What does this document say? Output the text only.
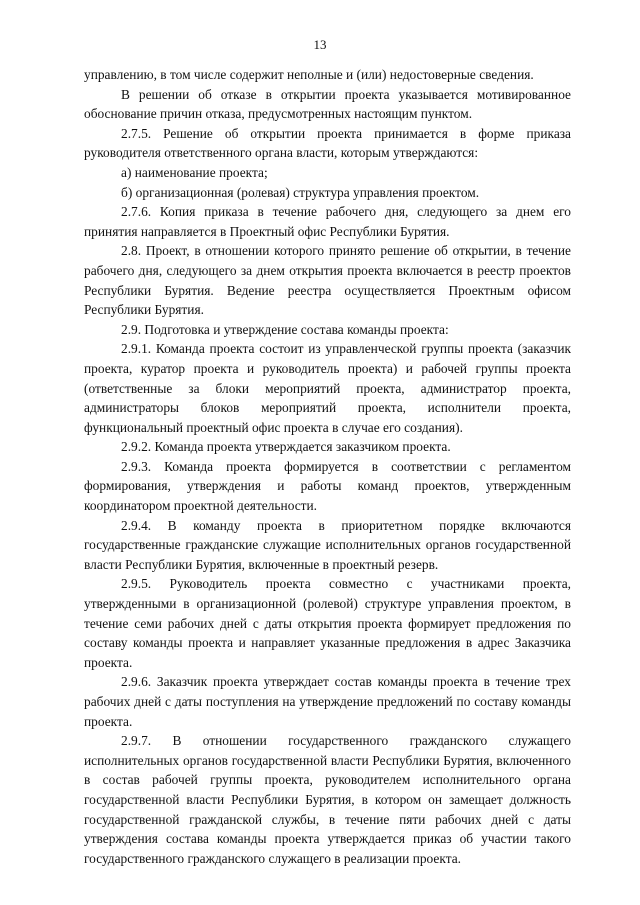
13

управлению, в том числе содержит неполные и (или) недостоверные сведения.

В решении об отказе в открытии проекта указывается мотивированное обоснование причин отказа, предусмотренных настоящим пунктом.

2.7.5. Решение об открытии проекта принимается в форме приказа руководителя ответственного органа власти, которым утверждаются:

а) наименование проекта;

б) организационная (ролевая) структура управления проектом.

2.7.6. Копия приказа в течение рабочего дня, следующего за днем его принятия направляется в Проектный офис Республики Бурятия.

2.8. Проект, в отношении которого принято решение об открытии, в течение рабочего дня, следующего за днем открытия проекта включается в реестр проектов Республики Бурятия. Ведение реестра осуществляется Проектным офисом Республики Бурятия.

2.9. Подготовка и утверждение состава команды проекта:

2.9.1. Команда проекта состоит из управленческой группы проекта (заказчик проекта, куратор проекта и руководитель проекта) и рабочей группы проекта (ответственные за блоки мероприятий проекта, администратор проекта, администраторы блоков мероприятий проекта, исполнители проекта, функциональный проектный офис проекта в случае его создания).

2.9.2. Команда проекта утверждается заказчиком проекта.

2.9.3. Команда проекта формируется в соответствии с регламентом формирования, утверждения и работы команд проектов, утвержденным координатором проектной деятельности.

2.9.4. В команду проекта в приоритетном порядке включаются государственные гражданские служащие исполнительных органов государственной власти Республики Бурятия, включенные в проектный резерв.

2.9.5. Руководитель проекта совместно с участниками проекта, утвержденными в организационной (ролевой) структуре управления проектом, в течение семи рабочих дней с даты открытия проекта формирует предложения по составу команды проекта и направляет указанные предложения в адрес Заказчика проекта.

2.9.6. Заказчик проекта утверждает состав команды проекта в течение трех рабочих дней с даты поступления на утверждение предложений по составу команды проекта.

2.9.7. В отношении государственного гражданского служащего исполнительных органов государственной власти Республики Бурятия, включенного в состав рабочей группы проекта, руководителем исполнительного органа государственной власти Республики Бурятия, в котором он замещает должность государственной гражданской службы, в течение пяти рабочих дней с даты утверждения состава команды проекта утверждается приказ об участии такого государственного гражданского служащего в реализации проекта.
